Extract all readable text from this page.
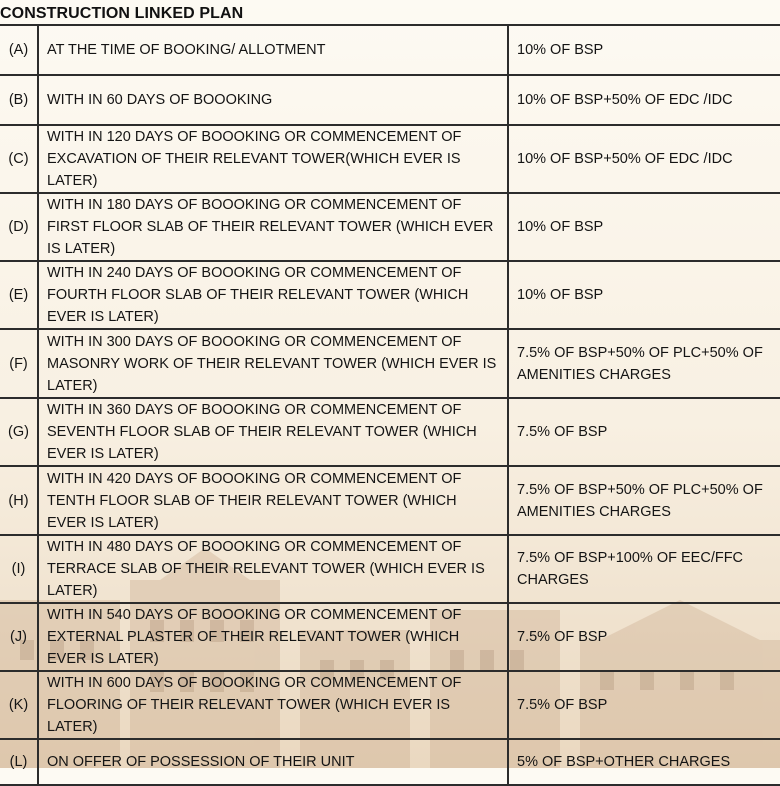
CONSTRUCTION LINKED PLAN
(A)	AT THE TIME OF BOOKING/ ALLOTMENT	10% OF BSP
(B)	WITH IN 60 DAYS OF BOOOKING	10% OF BSP+50% OF EDC /IDC
(C)	WITH IN 120 DAYS OF BOOOKING OR COMMENCEMENT OF EXCAVATION OF THEIR RELEVANT TOWER(WHICH EVER IS LATER)	10% OF BSP+50% OF EDC /IDC
(D)	WITH IN 180 DAYS OF BOOOKING OR COMMENCEMENT OF FIRST FLOOR SLAB OF THEIR RELEVANT TOWER (WHICH EVER IS LATER)	10% OF BSP
(E)	WITH IN 240 DAYS OF BOOOKING OR COMMENCEMENT OF FOURTH FLOOR SLAB OF THEIR RELEVANT TOWER (WHICH EVER IS LATER)	10% OF BSP
(F)	WITH IN 300 DAYS OF BOOOKING OR COMMENCEMENT OF MASONRY WORK OF THEIR RELEVANT TOWER (WHICH EVER IS LATER)	7.5% OF BSP+50% OF PLC+50% OF AMENITIES CHARGES
(G)	WITH IN 360 DAYS OF BOOOKING OR COMMENCEMENT OF SEVENTH FLOOR SLAB OF THEIR RELEVANT TOWER (WHICH EVER IS LATER)	7.5% OF BSP
(H)	WITH IN 420 DAYS OF BOOOKING OR COMMENCEMENT OF TENTH FLOOR SLAB OF THEIR RELEVANT TOWER (WHICH EVER IS LATER)	7.5% OF BSP+50% OF PLC+50% OF AMENITIES CHARGES
(I)	WITH IN 480 DAYS OF BOOOKING OR COMMENCEMENT OF TERRACE SLAB OF THEIR RELEVANT TOWER (WHICH EVER IS LATER)	7.5% OF BSP+100% OF EEC/FFC CHARGES
(J)	WITH IN 540 DAYS OF BOOOKING OR COMMENCEMENT OF EXTERNAL PLASTER OF THEIR RELEVANT TOWER (WHICH EVER IS LATER)	7.5% OF BSP
(K)	WITH IN 600 DAYS OF BOOOKING OR COMMENCEMENT OF FLOORING OF THEIR RELEVANT TOWER (WHICH EVER IS LATER)	7.5% OF BSP
(L)	ON OFFER OF POSSESSION OF THEIR UNIT	5% OF BSP+OTHER CHARGES
